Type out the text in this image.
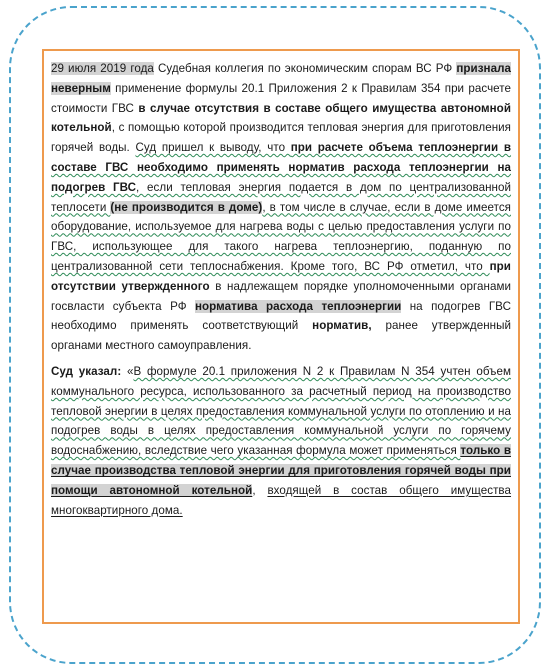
29 июля 2019 года Судебная коллегия по экономическим спорам ВС РФ признала неверным применение формулы 20.1 Приложения 2 к Правилам 354 при расчете стоимости ГВС в случае отсутствия в составе общего имущества автономной котельной, с помощью которой производится тепловая энергия для приготовления горячей воды. Суд пришел к выводу, что при расчете объема теплоэнергии в составе ГВС необходимо применять норматив расхода теплоэнергии на подогрев ГВС, если тепловая энергия подается в дом по централизованной теплосети (не производится в доме), в том числе в случае, если в доме имеется оборудование, используемое для нагрева воды с целью предоставления услуги по ГВС, использующее для такого нагрева теплоэнергию, поданную по централизованной сети теплоснабжения. Кроме того, ВС РФ отметил, что при отсутствии утвержденного в надлежащем порядке уполномоченными органами госвласти субъекта РФ норматива расхода теплоэнергии на подогрев ГВС необходимо применять соответствующий норматив, ранее утвержденный органами местного самоуправления.

Суд указал: «В формуле 20.1 приложения N 2 к Правилам N 354 учтен объем коммунального ресурса, использованного за расчетный период на производство тепловой энергии в целях предоставления коммунальной услуги по отоплению и на подогрев воды в целях предоставления коммунальной услуги по горячему водоснабжению, вследствие чего указанная формула может применяться только в случае производства тепловой энергии для приготовления горячей воды при помощи автономной котельной, входящей в состав общего имущества многоквартирного дома.
